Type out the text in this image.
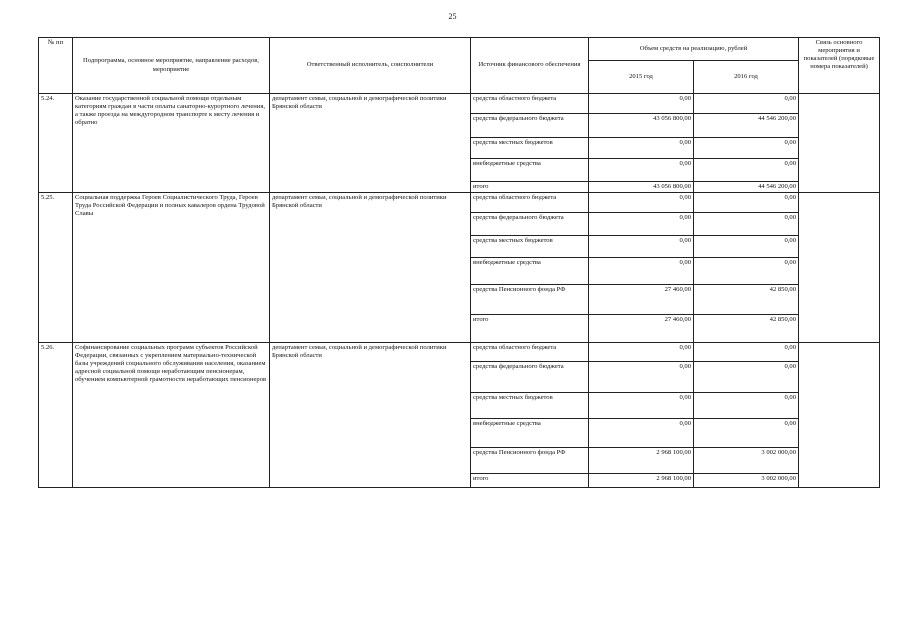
25
№ пп	Подпрограмма, основное мероприятие, направление расходов, мероприятие	Ответственный исполнитель, соисполнители	Источник финансового обеспечения	Объем средств на реализацию, рублей		Связь основного мероприятия и показателей (порядковые номера показателей)
				2015 год	2016 год	
5.24.	Оказание государственной социальной помощи отдельным категориям граждан в части оплаты санаторно-курортного лечения, а также проезда на междугородном транспорте к месту лечения и обратно	департамент семьи, социальной и демографической политики Брянской области	средства областного бюджета	0,00	0,00	
			средства федерального бюджета	43 056 800,00	44 546 200,00	
			средства местных бюджетов	0,00	0,00	
			внебюджетные средства	0,00	0,00	
			итого	43 056 800,00	44 546 200,00	
5.25.	Социальная поддержка Героев Социалистического Труда, Героев Труда Российской Федерации и полных кавалеров ордена Трудовой Славы	департамент семьи, социальной и демографической политики Брянской области	средства областного бюджета	0,00	0,00	
			средства федерального бюджета	0,00	0,00	
			средства местных бюджетов	0,00	0,00	
			внебюджетные средства	0,00	0,00	
			средства Пенсионного фонда РФ	27 460,00	42 850,00	
			итого	27 460,00	42 850,00	
5.26.	Софинансирование социальных программ субъектов Российской Федерации, связанных с укреплением материально-технической базы учреждений социального обслуживания населения, оказанием адресной социальной помощи неработающим пенсионерам, обучением компьютерной грамотности неработающих пенсионеров	департамент семьи, социальной и демографической политики Брянской области	средства областного бюджета	0,00	0,00	
			средства федерального бюджета	0,00	0,00	
			средства местных бюджетов	0,00	0,00	
			внебюджетные средства	0,00	0,00	
			средства Пенсионного фонда РФ	2 968 100,00	3 002 000,00	
			итого	2 968 100,00	3 002 000,00	
